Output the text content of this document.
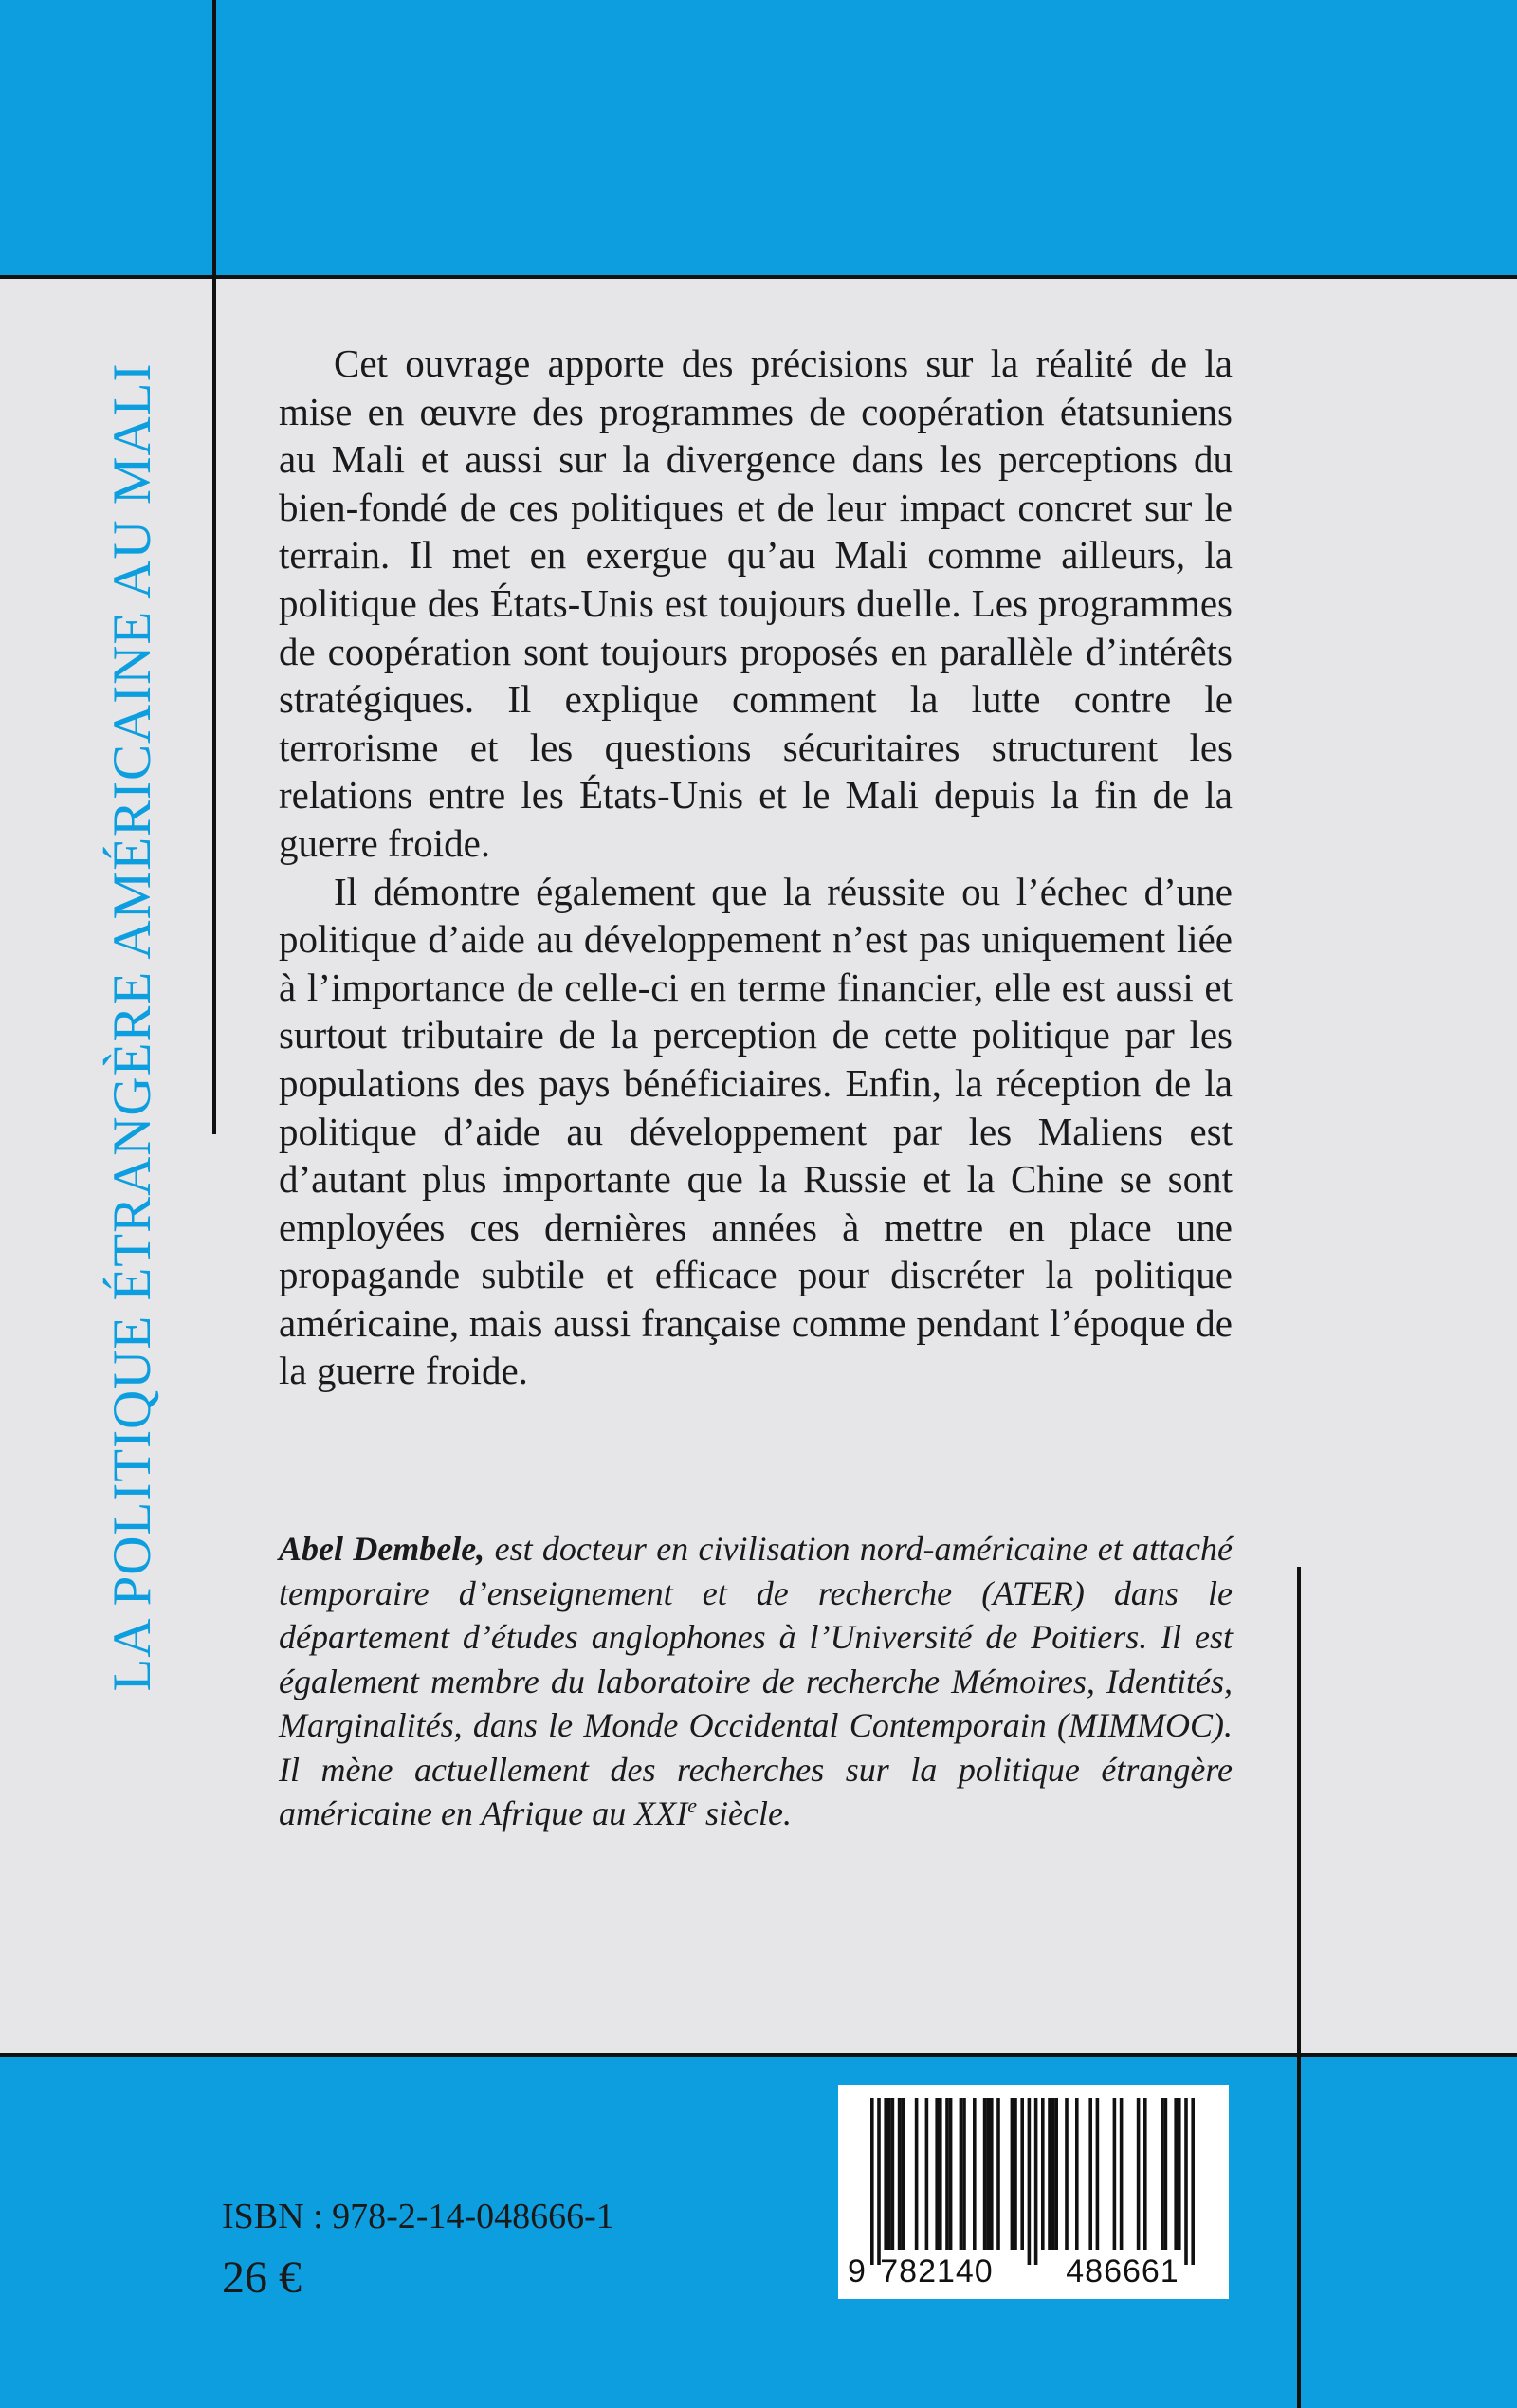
LA POLITIQUE ÉTRANGÈRE AMÉRICAINE AU MALI	Cet ouvrage apporte des précisions sur la réalité de la mise en œuvre des programmes de coopération étatsuniens au Mali et aussi sur la divergence dans les perceptions du bien-fondé de ces politiques et de leur impact concret sur le terrain. Il met en exergue qu’au Mali comme ailleurs, la politique des États-Unis est toujours duelle. Les programmes de coopération sont toujours proposés en parallèle d’intérêts stratégiques. Il explique comment la lutte contre le terrorisme et les questions sécuritaires structurent les relations entre les États-Unis et le Mali depuis la fin de la guerre froide.

Il démontre également que la réussite ou l’échec d’une politique d’aide au développement n’est pas uniquement liée à l’importance de celle-ci en terme financier, elle est aussi et surtout tributaire de la perception de cette politique par les populations des pays bénéficiaires. Enfin, la réception de la politique d’aide au développement par les Maliens est d’autant plus importante que la Russie et la Chine se sont employées ces dernières années à mettre en place une propagande subtile et efficace pour discréter la politique américaine, mais aussi française comme pendant l’époque de la guerre froide.

Abel Dembele, est docteur en civilisation nord-américaine et attaché temporaire d’enseignement et de recherche (ATER) dans le département d’études anglophones à l’Université de Poitiers. Il est également membre du laboratoire de recherche Mémoires, Identités, Marginalités, dans le Monde Occidental Contemporain (MIMMOC). Il mène actuellement des recherches sur la politique étrangère américaine en Afrique au XXIe siècle.

ISBN : 978-2-14-048666-1
26 €	9 782140 486661
